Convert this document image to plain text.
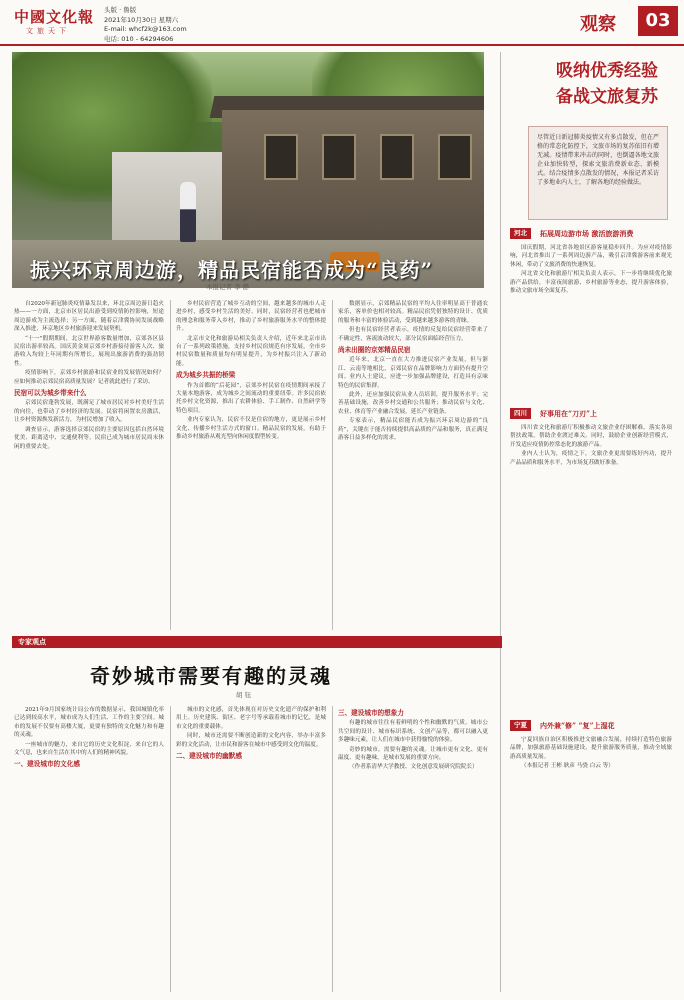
中國文化報
文旅天下
头版 · 鲁版
2021年10月30日 星期六
E-mail: whcf2k@163.com
电话: 010 - 64294606
观察	03
振兴环京周边游，精品民宿能否成为“良药”
本报记者 李 静

自2020年新冠肺炎疫情暴发以来，环北京周边游日趋火热——一方面，北京市区居民出游受到疫情防控影响，短途周边游成为主流选择；另一方面，随着京津冀协同发展战略深入推进，环京地区乡村旅游迎来发展契机。

“十一”假期期间，北京世界游客数量增加，京郊各区县民宿出游率较高。国庆黄金周京郊乡村游接待游客人次、旅游收入均较上年同期有所增长，展现出旅游消费的强劲韧性。

疫情影响下，京郊乡村旅游和民宿业的发展情况如何？应如何推动京郊民宿高质量发展？记者就此进行了采访。

民宿可以为城乡带来什么

京郊民宿蓬勃发展，既满足了城市居民对乡村美好生活的向往，也带动了乡村经济的发展。民宿将闲置农房激活，让乡村资源焕发新活力，为村民增加了收入。

调查显示，游客选择京郊民宿的主要原因包括自然环境优美、距离适中、交通便利等，民宿已成为城市居民周末休闲的重要去处。

乡村民宿营造了城乡互动的空间，越来越多的城市人走进乡村，感受乡村生活的美好。同时，民宿经营者也把城市的理念和服务带入乡村，推动了乡村旅游服务水平的整体提升。

北京市文化和旅游局相关负责人介绍，近年来北京市出台了一系列政策措施，支持乡村民宿规范有序发展，全市乡村民宿数量和质量均有明显提升，为乡村振兴注入了新动能。

成为城乡共振的桥梁

作为首都的“后花园”，京郊乡村民宿在疫情期间承接了大量本地游客，成为城乡之间流动的重要纽带。许多民宿依托乡村文化资源，推出了农耕体验、手工制作、自然研学等特色项目。

业内专家认为，民宿不仅是住宿的地方，更是展示乡村文化、传播乡村生活方式的窗口。精品民宿的发展，有助于推动乡村旅游从观光型向休闲度假型转变。

数据显示，京郊精品民宿的平均入住率明显高于普通农家乐，客单价也相对较高。精品民宿凭借独特的设计、优质的服务和丰富的体验活动，受到越来越多游客的青睐。

但也有民宿经营者表示，疫情的反复给民宿经营带来了不确定性，客流波动较大，部分民宿面临经营压力。

尚未出圈的京郊精品民宿

近年来，北京一直在大力推进民宿产业发展，但与浙江、云南等地相比，京郊民宿在品牌影响力方面仍有提升空间。业内人士建议，应进一步加强品牌建设，打造具有京味特色的民宿集群。

此外，还应加强民宿从业人员培训，提升服务水平；完善基础设施，改善乡村交通和公共服务；推动民宿与文化、农业、体育等产业融合发展，延长产业链条。

专家表示，精品民宿能否成为振兴环京周边游的“良药”，关键在于能否持续提供高品质的产品和服务，真正满足游客日益多样化的需求。

吸纳优秀经验
备战文旅复苏
尽管近日新冠肺炎疫情又有多点散发，但在严格的常态化防控下，文旅市场的复苏依旧有增无减。疫情带来冲击的同时，也倒逼各地文旅企业加快转型，探索文旅消费新业态、新模式。结合疫情多点散发的情况，本报记者采访了多地业内人士，了解各地的经验做法。
河北	拓展周边游市场 激活旅游消费

国庆假期，河北省各地景区游客量稳步回升。为应对疫情影响，河北省推出了一系列周边游产品，吸引京津冀游客前来观光休闲，带动了文旅消费的快速恢复。

河北省文化和旅游厅相关负责人表示，下一步将继续优化旅游产品供给，丰富夜间旅游、乡村旅游等业态，提升游客体验，推动文旅市场全面复苏。

四川	好事用在“刀刃”上

四川省文化和旅游厅积极推动文旅企业纾困解难，落实各项帮扶政策，帮助企业渡过难关。同时，鼓励企业创新经营模式，开发适应疫情防控常态化的旅游产品。

业内人士认为，疫情之下，文旅企业更需要练好内功，提升产品品质和服务水平，为市场复苏做好准备。

宁夏	内外兼“修” “复”上湿花

宁夏回族自治区积极推进文旅融合发展，持续打造特色旅游品牌，加强旅游基础设施建设，提升旅游服务质量，推动全域旅游高质量发展。

（本报记者 王彬 耿彦 马骁 白云 等）

专家观点
奇妙城市需要有趣的灵魂
胡 钰

2021年9月国家统计局公布的数据显示，我国城镇化率已达到较高水平，城市成为人们生活、工作的主要空间。城市的发展不仅要有高楼大厦，更要有独特的文化魅力和有趣的灵魂。

一座城市的魅力，来自它的历史文化积淀，来自它的人文气息，也来自生活在其中的人们的精神风貌。

一、建设城市的文化感

城市的文化感，首先体现在对历史文化遗产的保护和利用上。历史建筑、街区、老字号等承载着城市的记忆，是城市文化的重要载体。

同时，城市还需要不断创造新的文化内容，举办丰富多彩的文化活动，让市民和游客在城市中感受到文化的温度。

二、建设城市的幽默感

三、建设城市的想象力

有趣的城市往往有着鲜明的个性和幽默的气质。城市公共空间的设计、城市标识系统、文创产品等，都可以融入更多趣味元素，让人们在城市中获得愉悦的体验。

奇妙的城市，需要有趣的灵魂。让城市更有文化、更有温度、更有趣味，是城市发展的重要方向。

（作者系清华大学教授、文化创意发展研究院院长）
